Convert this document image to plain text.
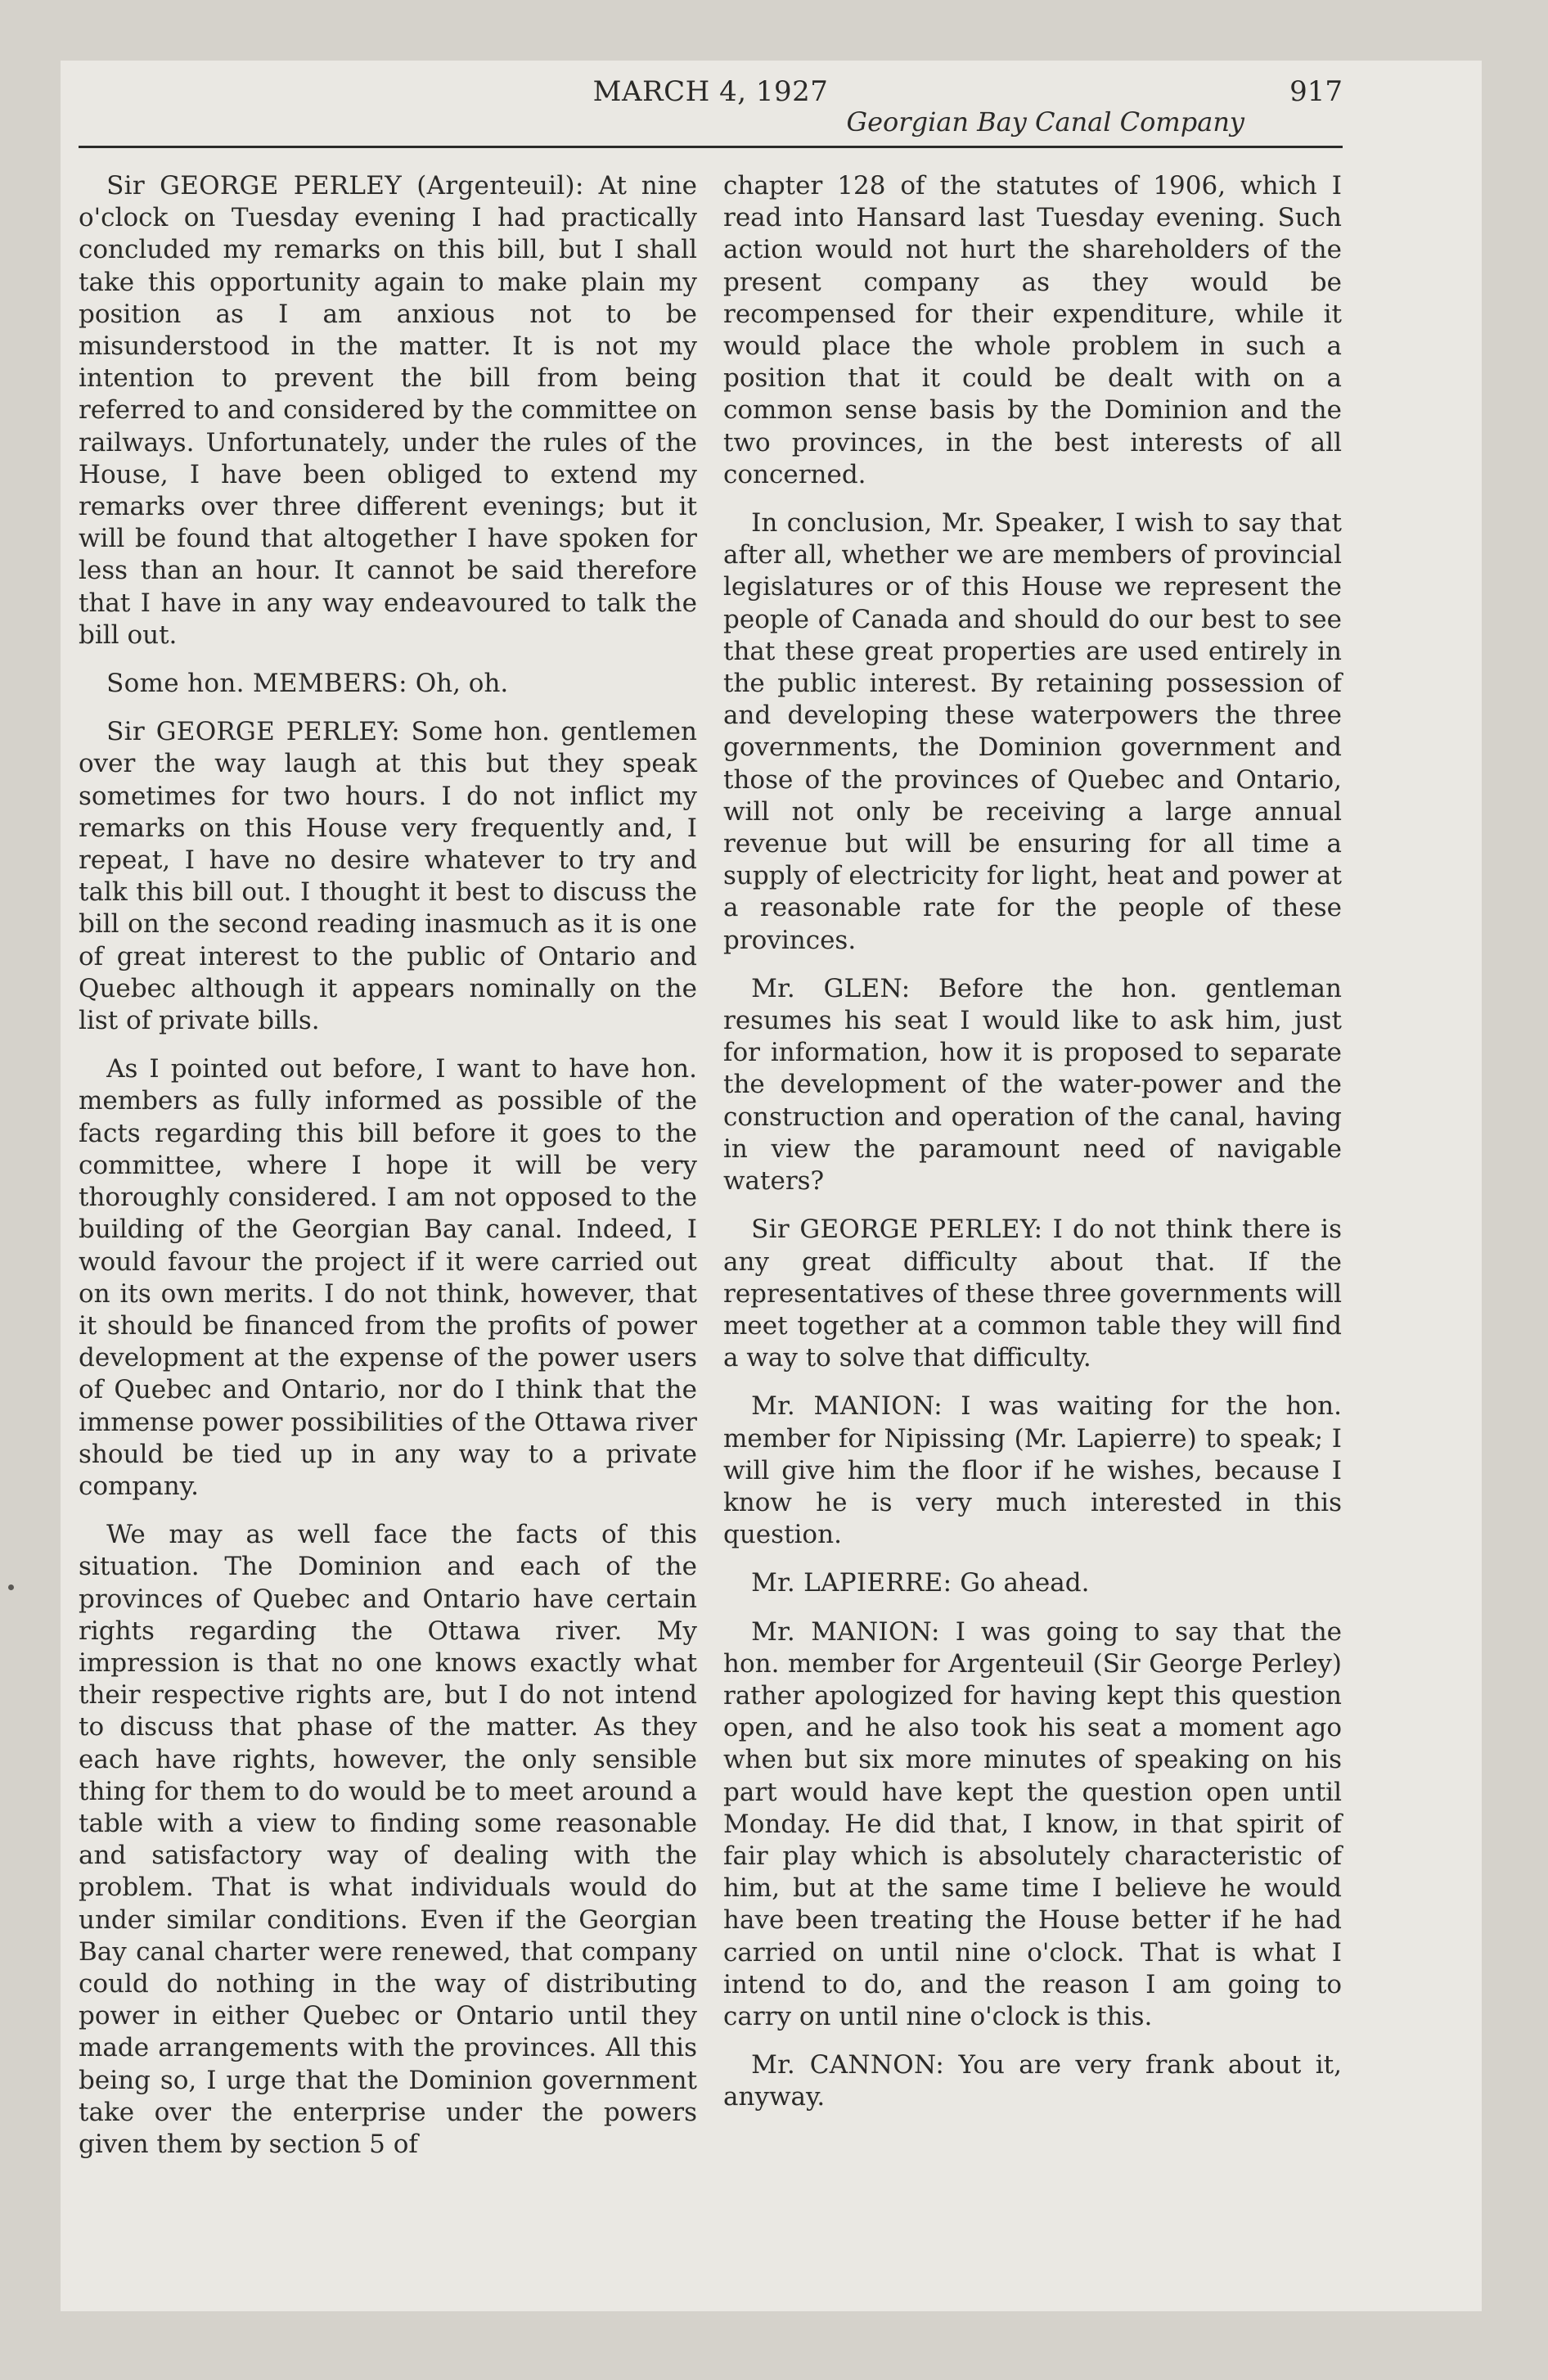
MARCH 4, 1927	917
Georgian Bay Canal Company

Sir GEORGE PERLEY (Argenteuil): At nine o'clock on Tuesday evening I had practically concluded my remarks on this bill, but I shall take this opportunity again to make plain my position as I am anxious not to be misunderstood in the matter. It is not my intention to prevent the bill from being referred to and considered by the committee on railways. Unfortunately, under the rules of the House, I have been obliged to extend my remarks over three different evenings; but it will be found that altogether I have spoken for less than an hour. It cannot be said therefore that I have in any way endeavoured to talk the bill out.

Some hon. MEMBERS: Oh, oh.

Sir GEORGE PERLEY: Some hon. gentlemen over the way laugh at this but they speak sometimes for two hours. I do not inflict my remarks on this House very frequently and, I repeat, I have no desire whatever to try and talk this bill out. I thought it best to discuss the bill on the second reading inasmuch as it is one of great interest to the public of Ontario and Quebec although it appears nominally on the list of private bills.

As I pointed out before, I want to have hon. members as fully informed as possible of the facts regarding this bill before it goes to the committee, where I hope it will be very thoroughly considered. I am not opposed to the building of the Georgian Bay canal. Indeed, I would favour the project if it were carried out on its own merits. I do not think, however, that it should be financed from the profits of power development at the expense of the power users of Quebec and Ontario, nor do I think that the immense power possibilities of the Ottawa river should be tied up in any way to a private company.

We may as well face the facts of this situation. The Dominion and each of the provinces of Quebec and Ontario have certain rights regarding the Ottawa river. My impression is that no one knows exactly what their respective rights are, but I do not intend to discuss that phase of the matter. As they each have rights, however, the only sensible thing for them to do would be to meet around a table with a view to finding some reasonable and satisfactory way of dealing with the problem. That is what individuals would do under similar conditions. Even if the Georgian Bay canal charter were renewed, that company could do nothing in the way of distributing power in either Quebec or Ontario until they made arrangements with the provinces. All this being so, I urge that the Dominion government take over the enterprise under the powers given them by section 5 of

chapter 128 of the statutes of 1906, which I read into Hansard last Tuesday evening. Such action would not hurt the shareholders of the present company as they would be recompensed for their expenditure, while it would place the whole problem in such a position that it could be dealt with on a common sense basis by the Dominion and the two provinces, in the best interests of all concerned.

In conclusion, Mr. Speaker, I wish to say that after all, whether we are members of provincial legislatures or of this House we represent the people of Canada and should do our best to see that these great properties are used entirely in the public interest. By retaining possession of and developing these waterpowers the three governments, the Dominion government and those of the provinces of Quebec and Ontario, will not only be receiving a large annual revenue but will be ensuring for all time a supply of electricity for light, heat and power at a reasonable rate for the people of these provinces.

Mr. GLEN: Before the hon. gentleman resumes his seat I would like to ask him, just for information, how it is proposed to separate the development of the water-power and the construction and operation of the canal, having in view the paramount need of navigable waters?

Sir GEORGE PERLEY: I do not think there is any great difficulty about that. If the representatives of these three governments will meet together at a common table they will find a way to solve that difficulty.

Mr. MANION: I was waiting for the hon. member for Nipissing (Mr. Lapierre) to speak; I will give him the floor if he wishes, because I know he is very much interested in this question.

Mr. LAPIERRE: Go ahead.

Mr. MANION: I was going to say that the hon. member for Argenteuil (Sir George Perley) rather apologized for having kept this question open, and he also took his seat a moment ago when but six more minutes of speaking on his part would have kept the question open until Monday. He did that, I know, in that spirit of fair play which is absolutely characteristic of him, but at the same time I believe he would have been treating the House better if he had carried on until nine o'clock. That is what I intend to do, and the reason I am going to carry on until nine o'clock is this.

Mr. CANNON: You are very frank about it, anyway.
